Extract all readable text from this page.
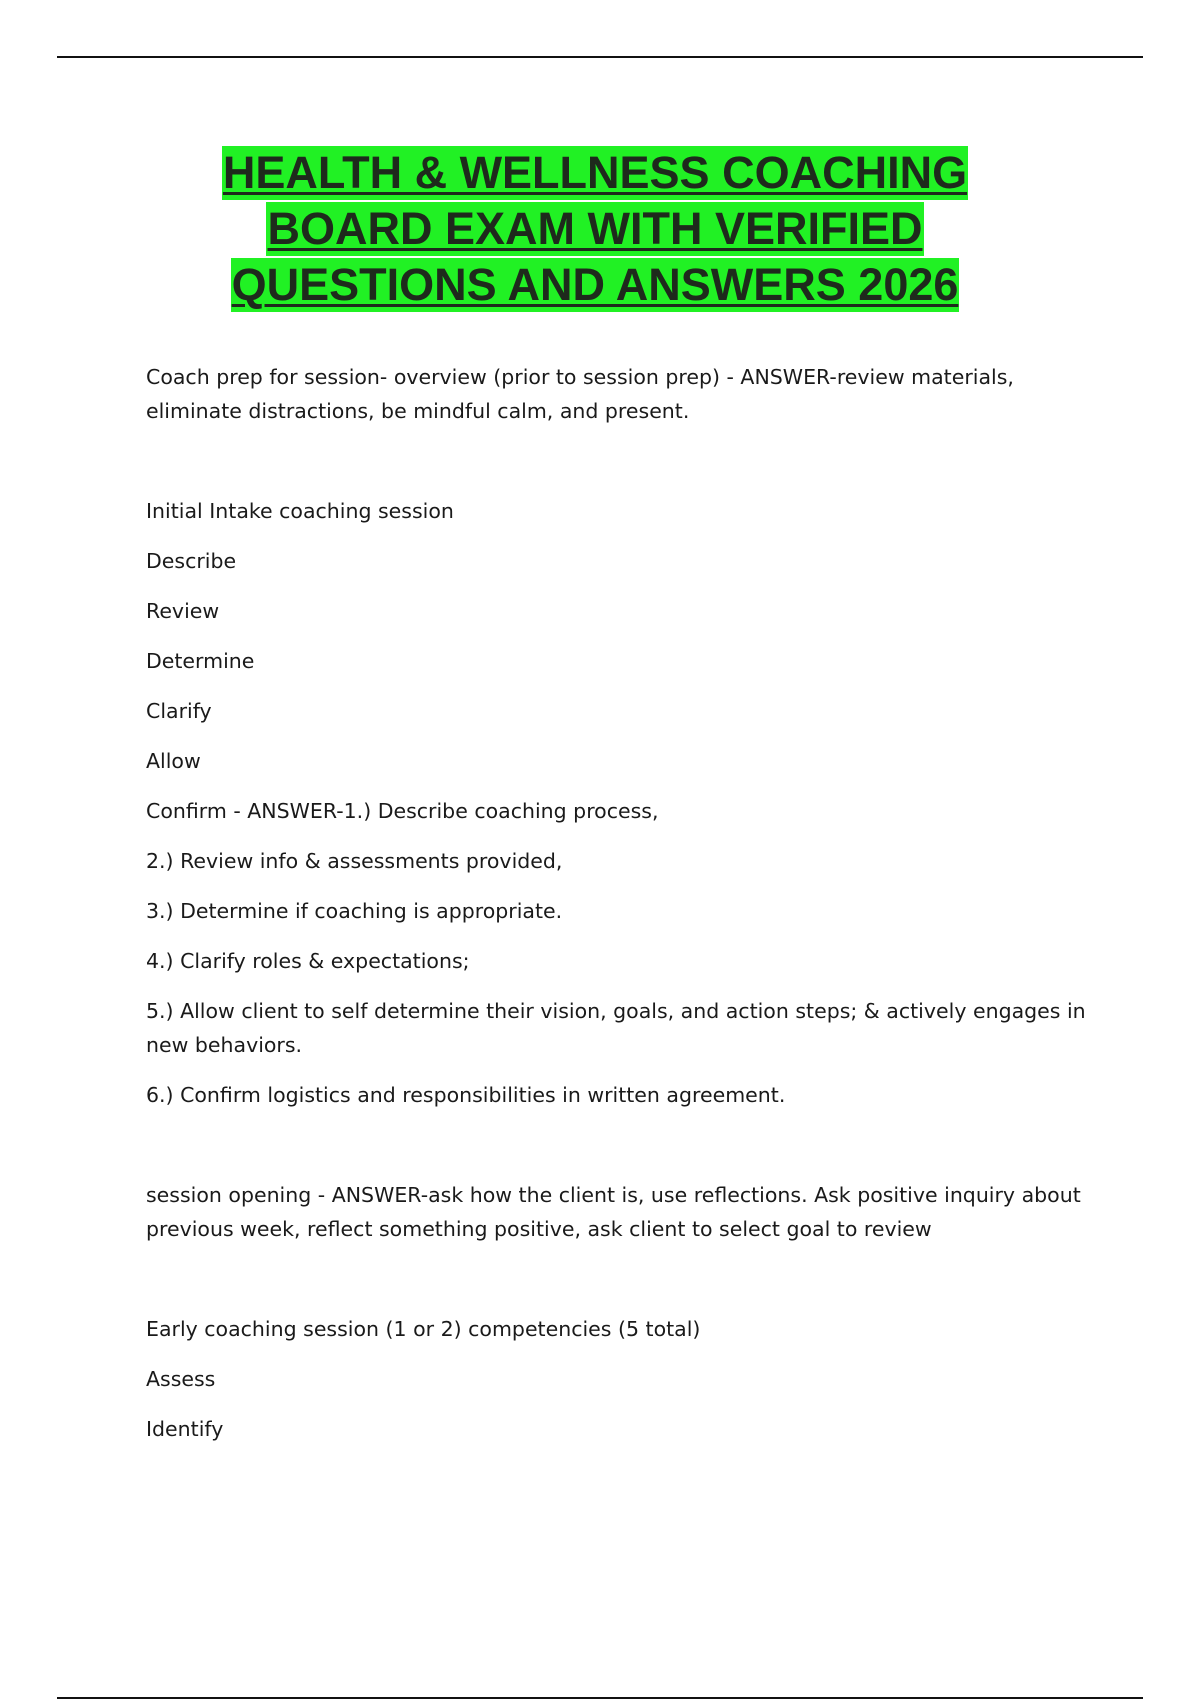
HEALTH & WELLNESS COACHING
BOARD EXAM WITH VERIFIED
QUESTIONS AND ANSWERS 2026

Coach prep for session- overview (prior to session prep) - ANSWER-review materials, eliminate distractions, be mindful calm, and present.

Initial Intake coaching session

Describe

Review

Determine

Clarify

Allow

Confirm - ANSWER-1.) Describe coaching process,

2.) Review info & assessments provided,

3.) Determine if coaching is appropriate.

4.) Clarify roles & expectations;

5.) Allow client to self determine their vision, goals, and action steps; & actively engages in new behaviors.

6.) Confirm logistics and responsibilities in written agreement.

session opening - ANSWER-ask how the client is, use reflections. Ask positive inquiry about previous week, reflect something positive, ask client to select goal to review

Early coaching session (1 or 2) competencies (5 total)

Assess

Identify
